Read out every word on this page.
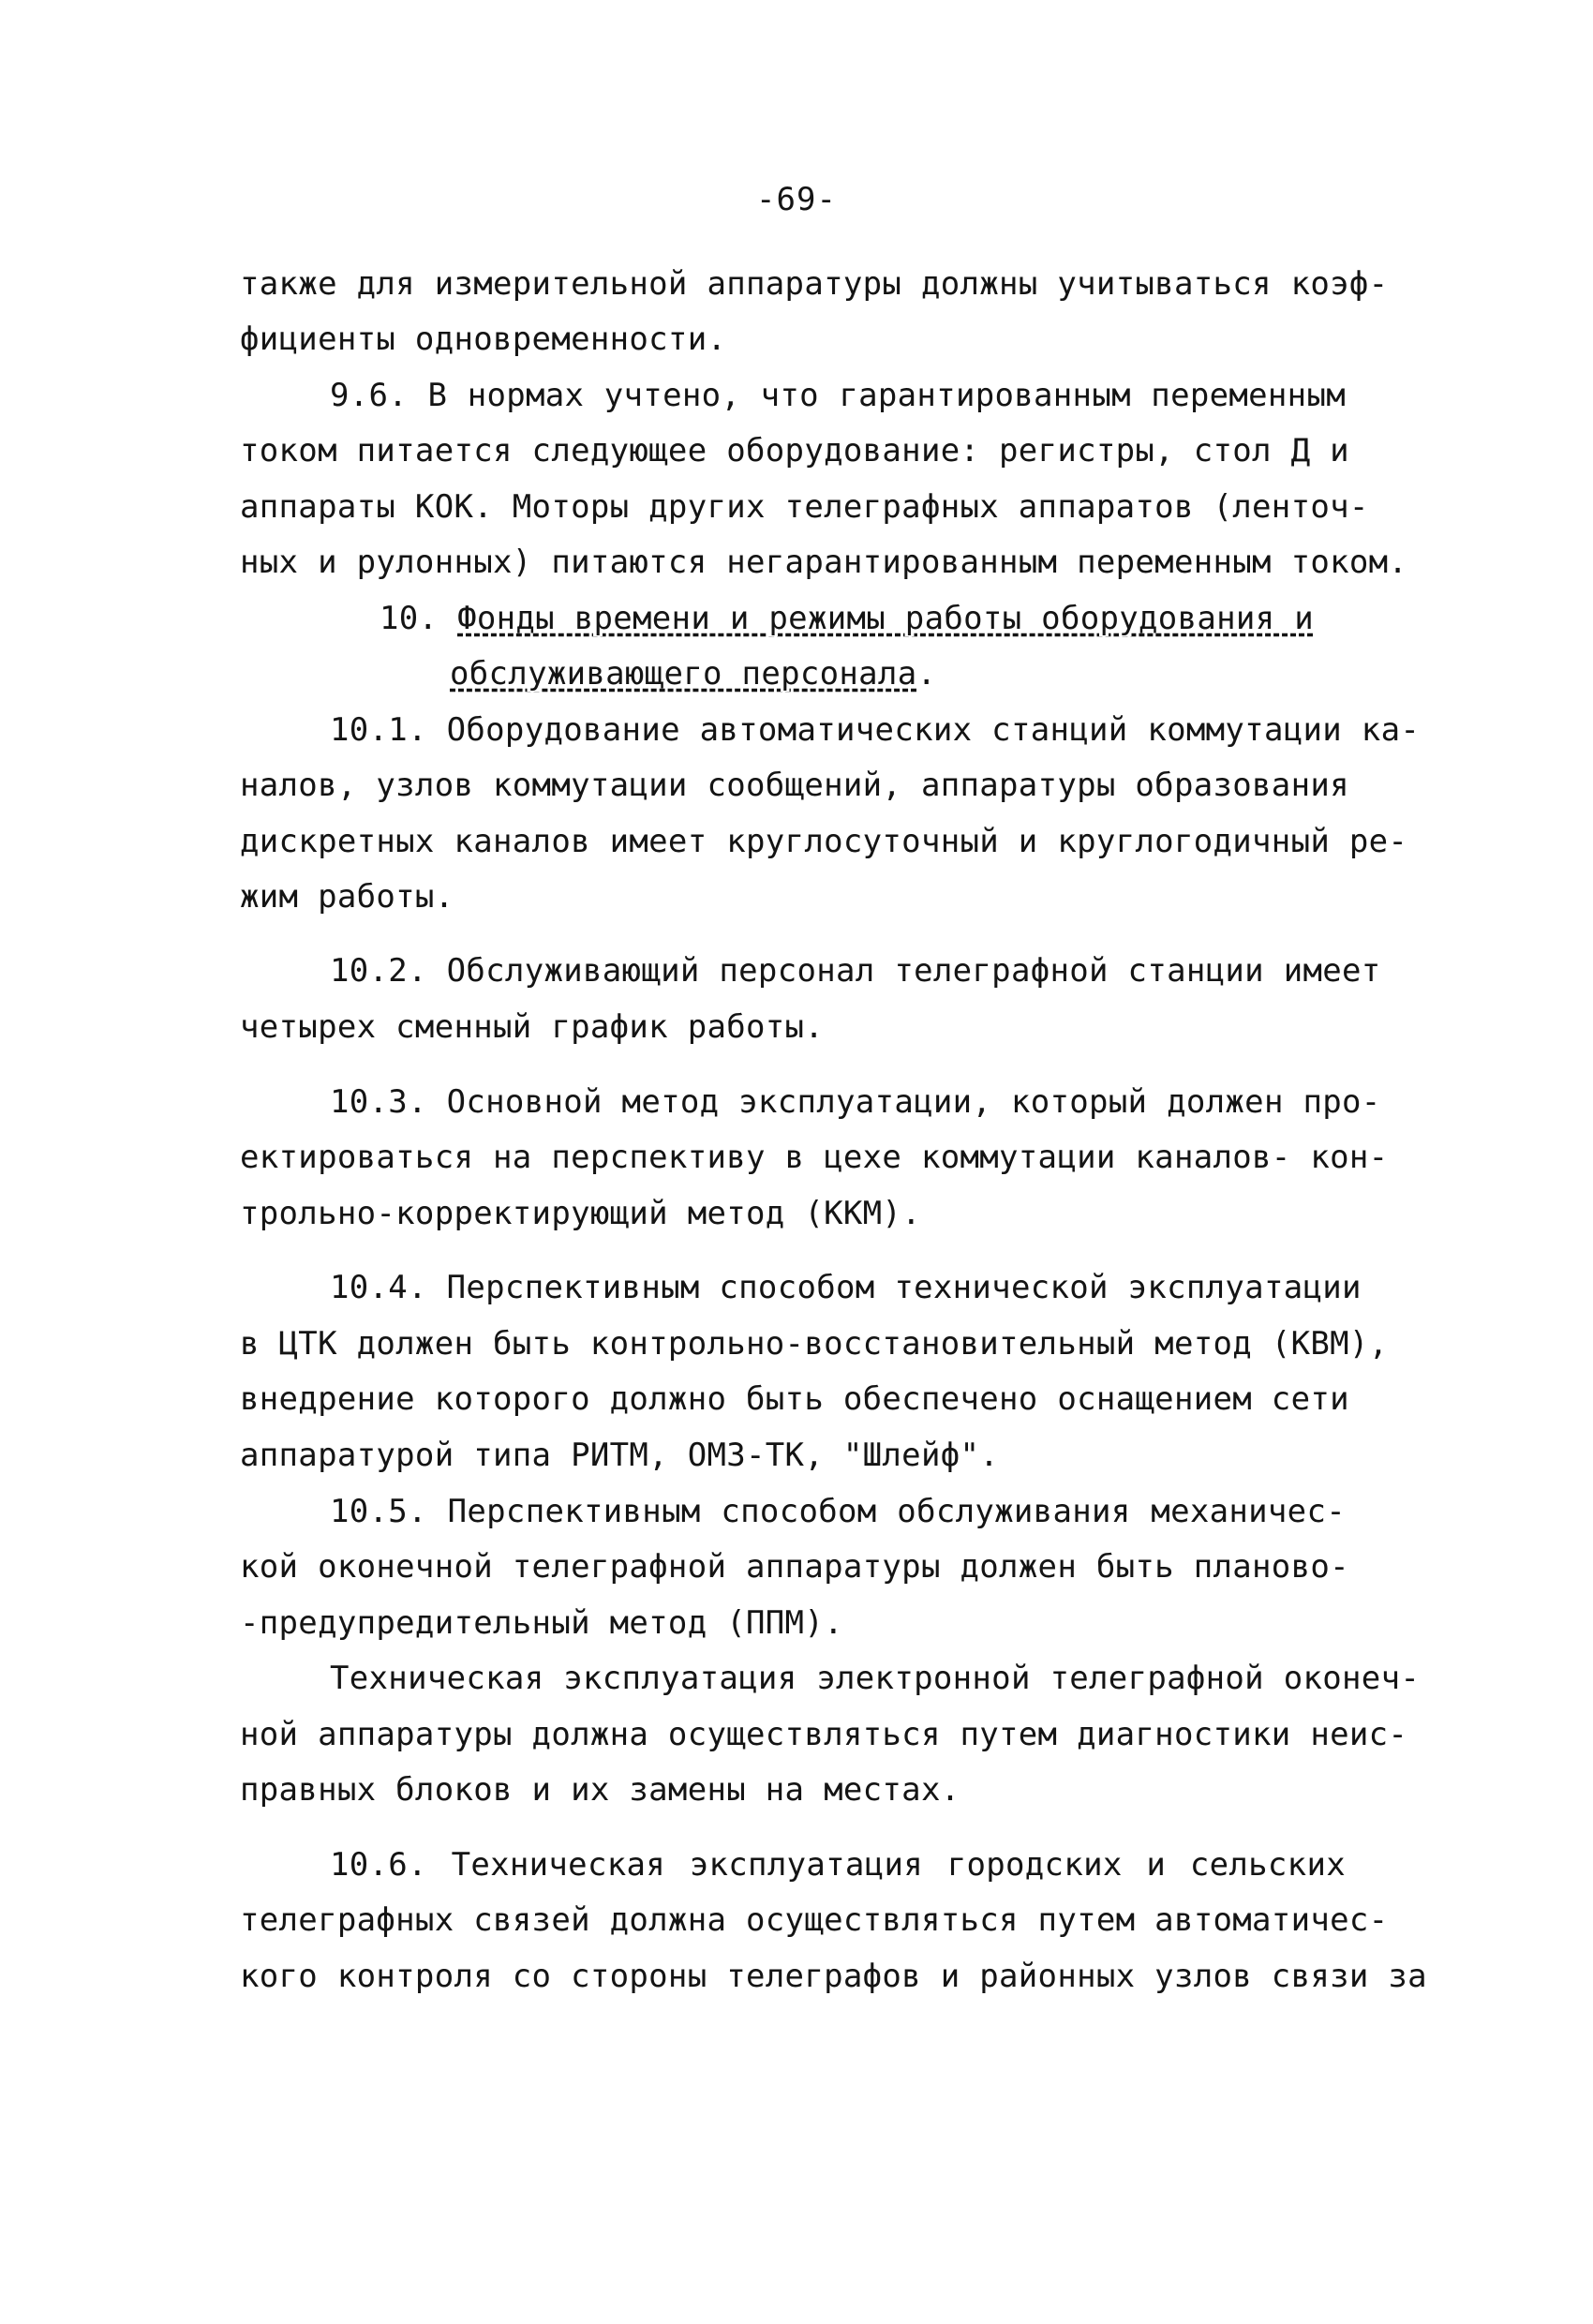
-69-
также для измерительной аппаратуры должны учитываться коэф-
фициенты одновременности.
9.6. В нормах учтено, что гарантированным переменным
током питается следующее оборудование: регистры, стол Д и
аппараты КОК. Моторы других телеграфных аппаратов (ленточ-
ных и рулонных) питаются негарантированным переменным током.
10. Фонды времени и режимы работы оборудования и
обслуживающего персонала.
10.1. Оборудование автоматических станций коммутации ка-
налов, узлов коммутации сообщений, аппаратуры образования
дискретных каналов имеет круглосуточный и круглогодичный ре-
жим работы.
10.2. Обслуживающий персонал телеграфной станции имеет
четырех сменный график работы.
10.3. Основной метод эксплуатации, который должен про-
ектироваться на перспективу в цехе коммутации каналов- кон-
трольно-корректирующий метод (ККМ).
10.4. Перспективным способом технической эксплуатации
в ЦТК должен быть контрольно-восстановительный метод (КВМ),
внедрение которого должно быть обеспечено оснащением сети
аппаратурой типа РИТМ, ОМЗ-ТК, "Шлейф".
10.5. Перспективным способом обслуживания механичес-
кой оконечной телеграфной аппаратуры должен быть планово-
-предупредительный метод (ППМ).
Техническая эксплуатация электронной телеграфной оконеч-
ной аппаратуры должна осуществляться путем диагностики неис-
правных блоков и их замены на местах.
10.6. Техническая эксплуатация городских и сельских
телеграфных связей должна осуществляться путем автоматичес-
кого контроля со стороны телеграфов и районных узлов связи за
